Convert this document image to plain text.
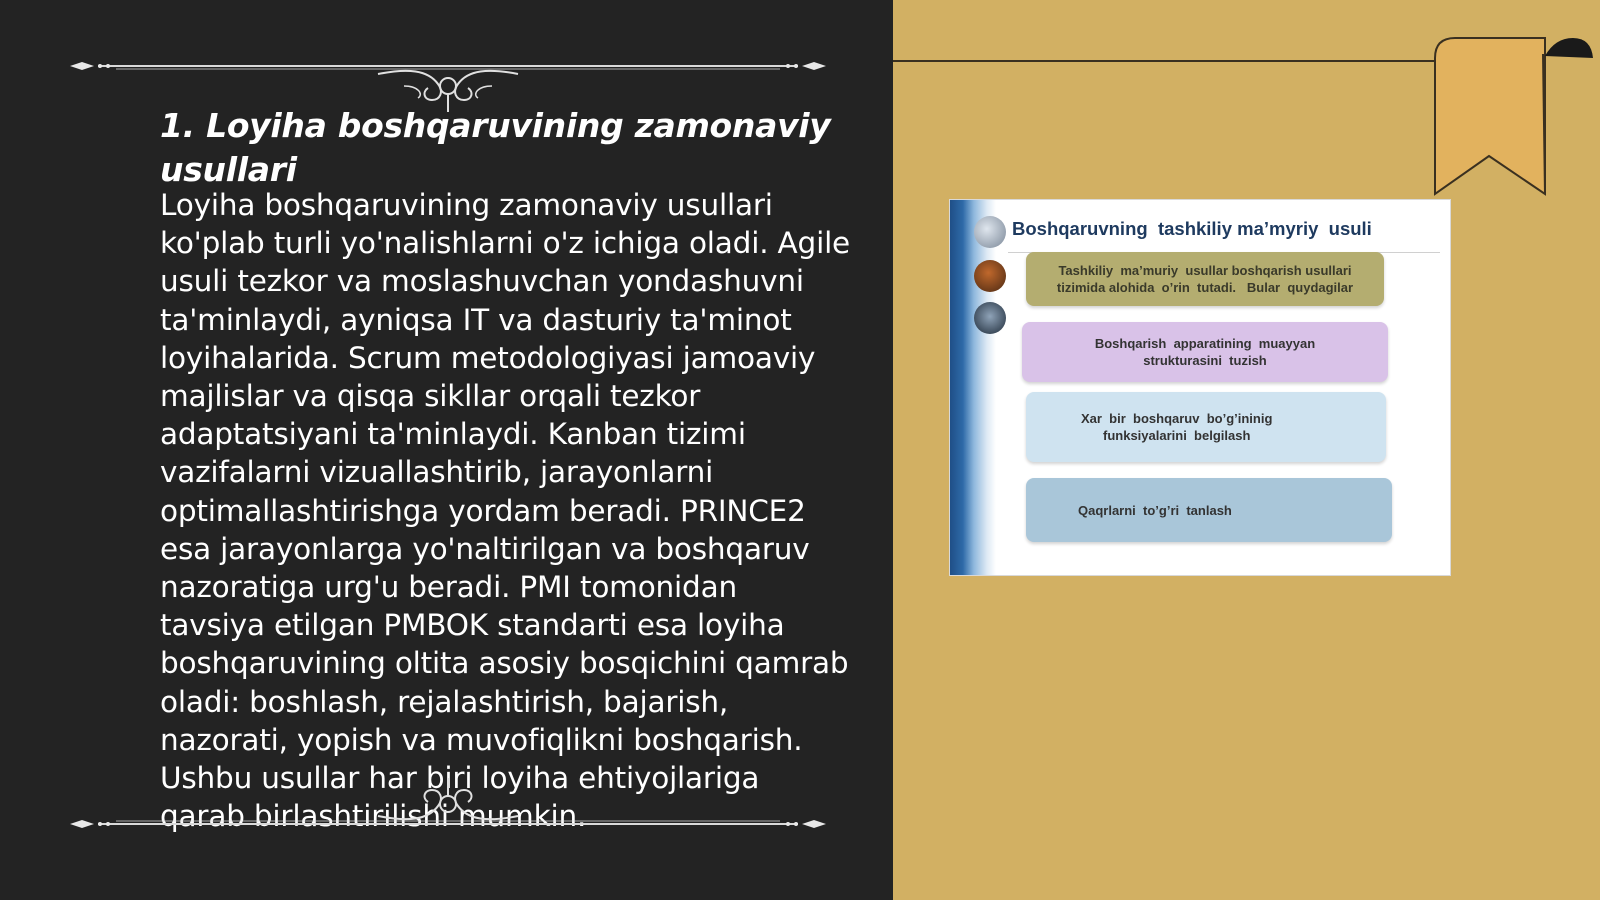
1. Loyiha boshqaruvining zamonaviy usullari

Loyiha boshqaruvining zamonaviy usullari ko'plab turli yo'nalishlarni o'z ichiga oladi. Agile usuli tezkor va moslashuvchan yondashuvni ta'minlaydi, ayniqsa IT va dasturiy ta'minot loyihalarida. Scrum metodologiyasi jamoaviy majlislar va qisqa sikllar orqali tezkor adaptatsiyani ta'minlaydi. Kanban tizimi vazifalarni vizuallashtirib, jarayonlarni optimallashtirishga yordam beradi. PRINCE2 esa jarayonlarga yo'naltirilgan va boshqaruv nazoratiga urg'u beradi. PMI tomonidan tavsiya etilgan PMBOK standarti esa loyiha boshqaruvining oltita asosiy bosqichini qamrab oladi: boshlash, rejalashtirish, bajarish, nazorati, yopish va muvofiqlikni boshqarish. Ushbu usullar har biri loyiha ehtiyojlariga qarab birlashtirilishi mumkin.

Boshqaruvning  tashkiliy ma’myriy  usuli
Tashkiliy  ma’muriy  usullar boshqarish usullari
tizimida alohida  o’rin  tutadi.   Bular  quydagilar
Boshqarish  apparatining  muayyan
strukturasini  tuzish
Xar  bir  boshqaruv  bo’g’ininig
funksiyalarini  belgilash
Qaqrlarni  to’g’ri  tanlash
